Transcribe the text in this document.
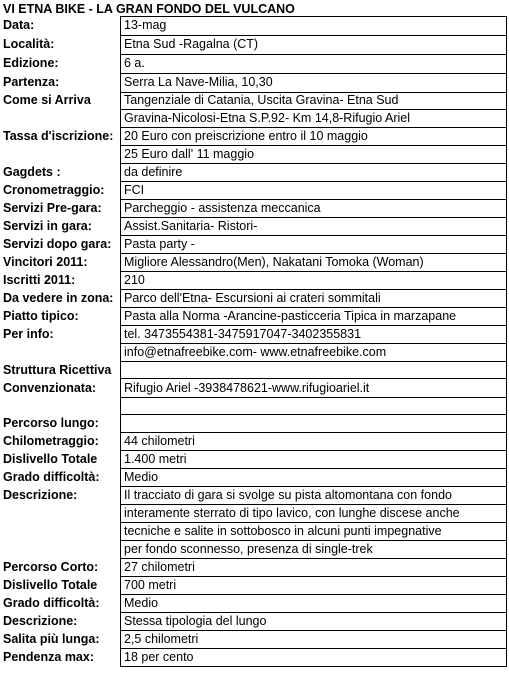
VI ETNA BIKE - LA GRAN FONDO DEL VULCANO
Data:	13-mag
Località:	Etna Sud -Ragalna (CT)
Edizione:	6 a.
Partenza:	Serra La Nave-Milia, 10,30
Come si Arriva	Tangenziale di Catania, Uscita Gravina- Etna Sud
Gravina-Nicolosi-Etna S.P.92- Km 14,8-Rifugio Ariel
Tassa d'iscrizione: 20 Euro con preiscrizione entro il 10 maggio
25 Euro dall' 11 maggio
Gagdets :	da definire
Cronometraggio: FCI
Servizi Pre-gara: Parcheggio - assistenza meccanica
Servizi in gara:	Assist.Sanitaria- Ristori-
Servizi dopo gara: Pasta party -
Vincitori 2011:	Migliore Alessandro(Men), Nakatani Tomoka (Woman)
Iscritti 2011:	210
Da vedere in zona: Parco dell'Etna- Escursioni ai crateri sommitali
Piatto tipico:	Pasta alla Norma -Arancine-pasticceria Tipica in marzapane
Per info:	tel. 3473554381-3475917047-3402355831
info@etnafreebike.com- www.etnafreebike.com
Struttura Ricettiva
Convenzionata: Rifugio Ariel -3938478621-www.rifugioariel.it
Percorso lungo:
Chilometraggio: 44 chilometri
Dislivello Totale 1.400 metri
Grado difficoltà: Medio
Descrizione:	Il tracciato di gara si svolge su pista altomontana con fondo
interamente sterrato di tipo lavico, con lunghe discese anche
tecniche e salite in sottobosco in alcuni punti impegnative
per fondo sconnesso, presenza di single-trek
Percorso Corto: 27 chilometri
Dislivello Totale 700 metri
Grado difficoltà: Medio
Descrizione:	Stessa tipologia del lungo
Salita più lunga: 2,5 chilometri
Pendenza max: 18 per cento
